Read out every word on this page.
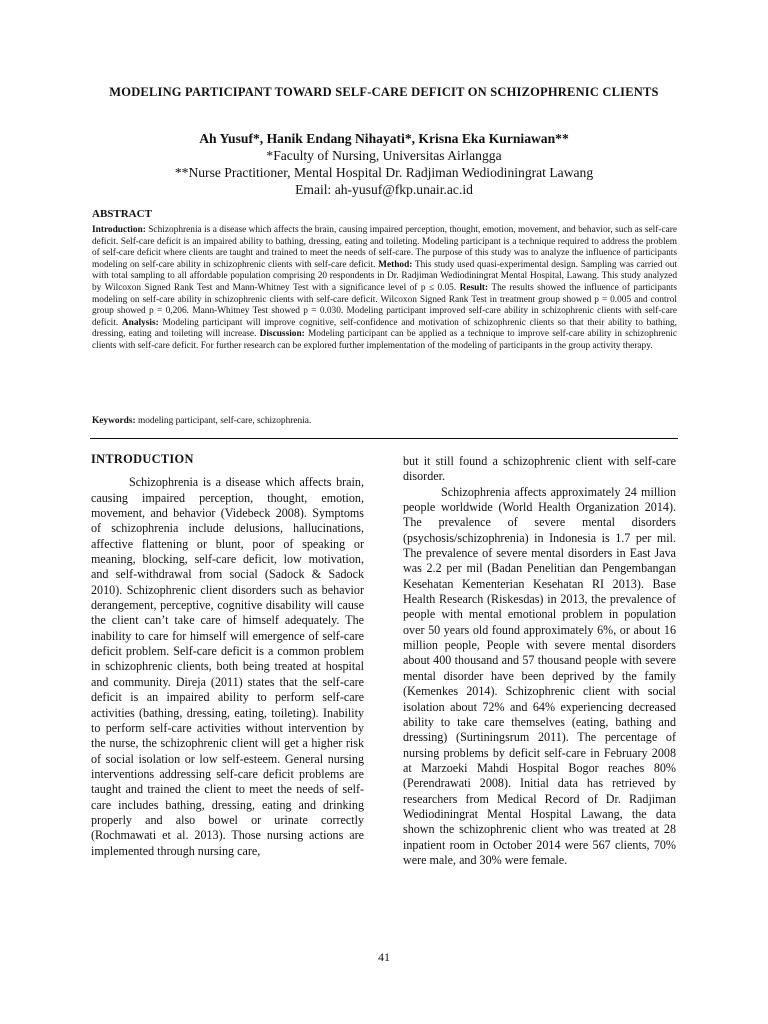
MODELING PARTICIPANT TOWARD SELF-CARE DEFICIT ON SCHIZOPHRENIC CLIENTS
Ah Yusuf*, Hanik Endang Nihayati*, Krisna Eka Kurniawan**
*Faculty of Nursing, Universitas Airlangga
**Nurse Practitioner, Mental Hospital Dr. Radjiman Wediodiningrat Lawang
Email: ah-yusuf@fkp.unair.ac.id
ABSTRACT
Introduction: Schizophrenia is a disease which affects the brain, causing impaired perception, thought, emotion, movement, and behavior, such as self-care deficit. Self-care deficit is an impaired ability to bathing, dressing, eating and toileting. Modeling participant is a technique required to address the problem of self-care deficit where clients are taught and trained to meet the needs of self-care. The purpose of this study was to analyze the influence of participants modeling on self-care ability in schizophrenic clients with self-care deficit. Method: This study used quasi-experimental design. Sampling was carried out with total sampling to all affordable population comprising 20 respondents in Dr. Radjiman Wediodiningrat Mental Hospital, Lawang. This study analyzed by Wilcoxon Signed Rank Test and Mann-Whitney Test with a significance level of p ≤ 0.05. Result: The results showed the influence of participants modeling on self-care ability in schizophrenic clients with self-care deficit. Wilcoxon Signed Rank Test in treatment group showed p = 0.005 and control group showed p = 0,206. Mann-Whitney Test showed p = 0.030. Modeling participant improved self-care ability in schizophrenic clients with self-care deficit. Analysis: Modeling participant will improve cognitive, self-confidence and motivation of schizophrenic clients so that their ability to bathing, dressing, eating and toileting will increase. Discussion: Modeling participant can be applied as a technique to improve self-care ability in schizophrenic clients with self-care deficit. For further research can be explored further implementation of the modeling of participants in the group activity therapy.
Keywords: modeling participant, self-care, schizophrenia.
INTRODUCTION

Schizophrenia is a disease which affects brain, causing impaired perception, thought, emotion, movement, and behavior (Videbeck 2008). Symptoms of schizophrenia include delusions, hallucinations, affective flattening or blunt, poor of speaking or meaning, blocking, self-care deficit, low motivation, and self-withdrawal from social (Sadock & Sadock 2010). Schizophrenic client disorders such as behavior derangement, perceptive, cognitive disability will cause the client can’t take care of himself adequately. The inability to care for himself will emergence of self-care deficit problem. Self-care deficit is a common problem in schizophrenic clients, both being treated at hospital and community. Direja (2011) states that the self-care deficit is an impaired ability to perform self-care activities (bathing, dressing, eating, toileting). Inability to perform self-care activities without intervention by the nurse, the schizophrenic client will get a higher risk of social isolation or low self-esteem. General nursing interventions addressing self-care deficit problems are taught and trained the client to meet the needs of self-care includes bathing, dressing, eating and drinking properly and also bowel or urinate correctly (Rochmawati et al. 2013). Those nursing actions are implemented through nursing care,

but it still found a schizophrenic client with self-care disorder.

Schizophrenia affects approximately 24 million people worldwide (World Health Organization 2014). The prevalence of severe mental disorders (psychosis/schizophrenia) in Indonesia is 1.7 per mil. The prevalence of severe mental disorders in East Java was 2.2 per mil (Badan Penelitian dan Pengembangan Kesehatan Kementerian Kesehatan RI 2013). Base Health Research (Riskesdas) in 2013, the prevalence of people with mental emotional problem in population over 50 years old found approximately 6%, or about 16 million people, People with severe mental disorders about 400 thousand and 57 thousand people with severe mental disorder have been deprived by the family (Kemenkes 2014). Schizophrenic client with social isolation about 72% and 64% experiencing decreased ability to take care themselves (eating, bathing and dressing) (Surtiningsrum 2011). The percentage of nursing problems by deficit self-care in February 2008 at Marzoeki Mahdi Hospital Bogor reaches 80% (Perendrawati 2008). Initial data has retrieved by researchers from Medical Record of Dr. Radjiman Wediodiningrat Mental Hospital Lawang, the data shown the schizophrenic client who was treated at 28 inpatient room in October 2014 were 567 clients, 70% were male, and 30% were female.

41
